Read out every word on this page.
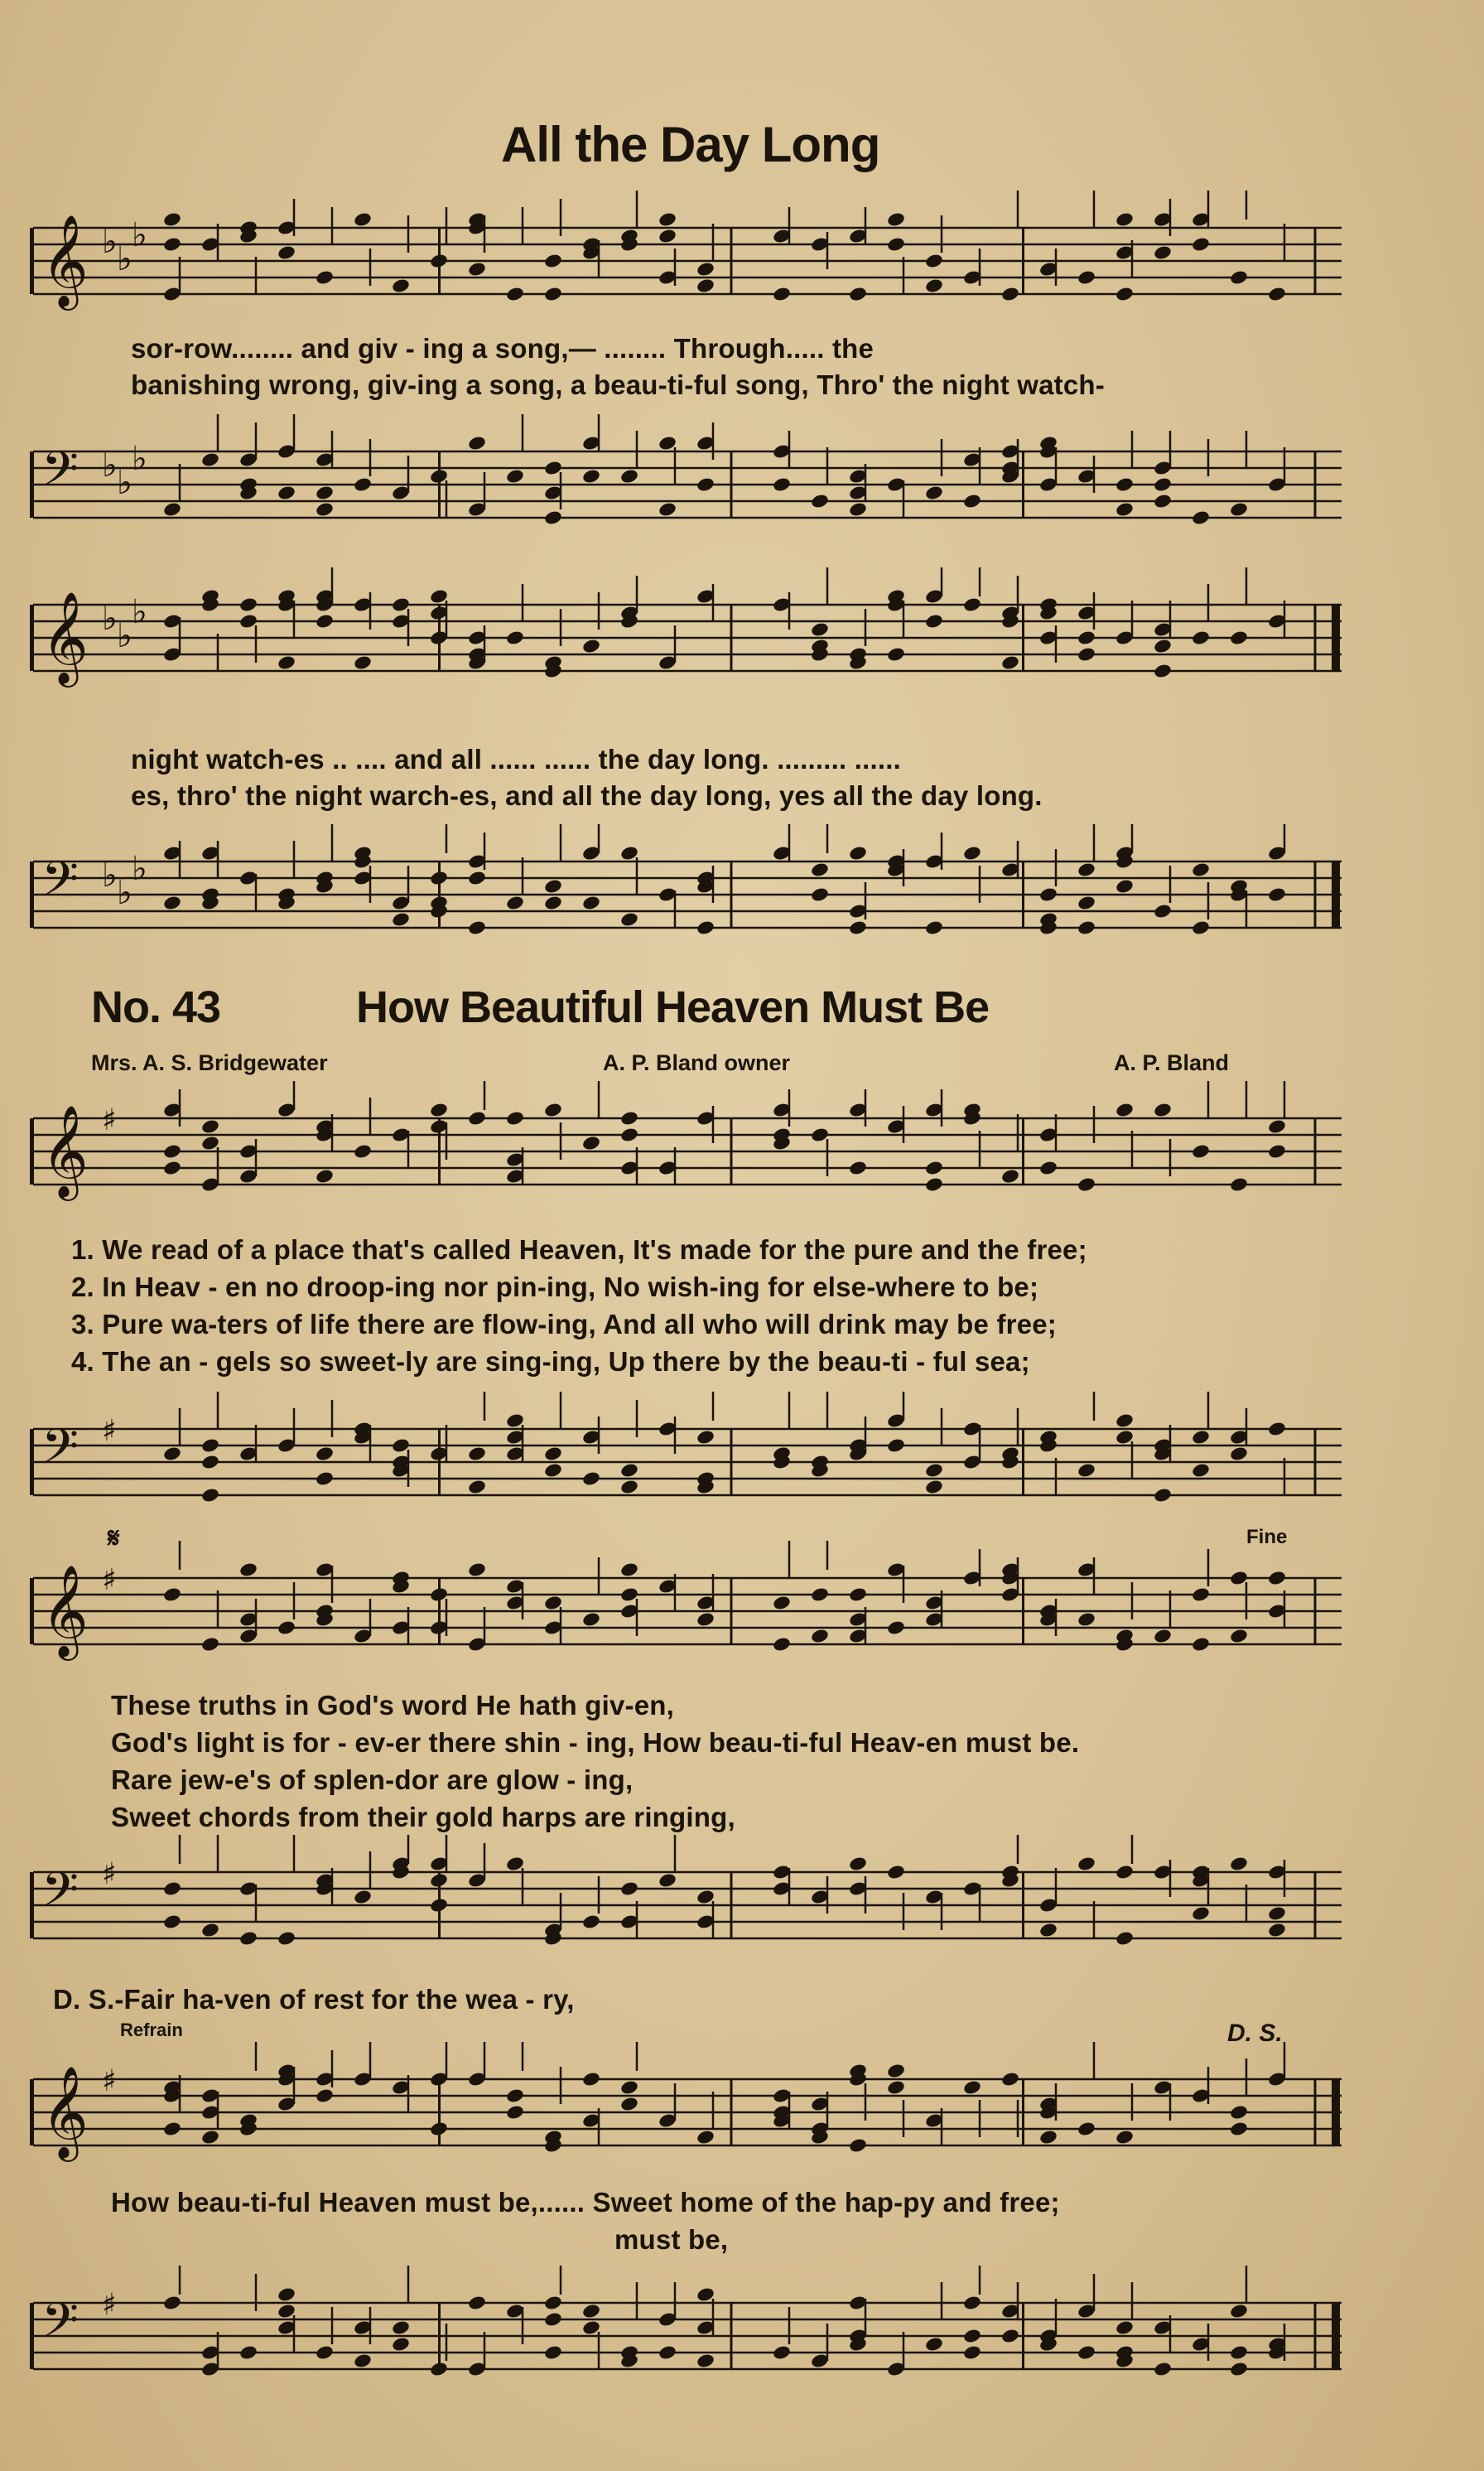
All the Day Long
𝄞 ♭ ♭
♭
sor-row........ and giv - ing a song,— ........ Through..... the
banishing wrong, giv-ing a song, a beau-ti-ful song, Thro' the night watch-
𝄢 ♭ ♭
♭
𝄞 ♭ ♭
♭
night watch-es .. .... and all ...... ...... the day long. ......... ......
es, thro' the night warch-es, and all the day long, yes all the day long.
𝄢 ♭ ♭
♭
No. 43	How Beautiful Heaven Must Be
Mrs. A. S. Bridgewater	A. P. Bland owner	A. P. Bland
𝄞 ♯
1. We read of a place that's called Heaven, It's made for the pure and the free;
2. In Heav - en no droop-ing nor pin-ing, No wish-ing for else-where to be;
3. Pure wa-ters of life there are flow-ing, And all who will drink may be free;
4. The an - gels so sweet-ly are sing-ing, Up there by the beau-ti - ful sea;
𝄢 ♯
𝄋	Fine
𝄞 ♯
These truths in God's word He hath giv-en,
God's light is for - ev-er there shin - ing, How beau-ti-ful Heav-en must be.
Rare jew-e's of splen-dor are glow - ing,
Sweet chords from their gold harps are ringing,
𝄢 ♯
D. S.-Fair ha-ven of rest for the wea - ry,
Refrain	D. S.
𝄞 ♯
How beau-ti-ful Heaven must be,...... Sweet home of the hap-py and free;
must be,
𝄢 ♯
